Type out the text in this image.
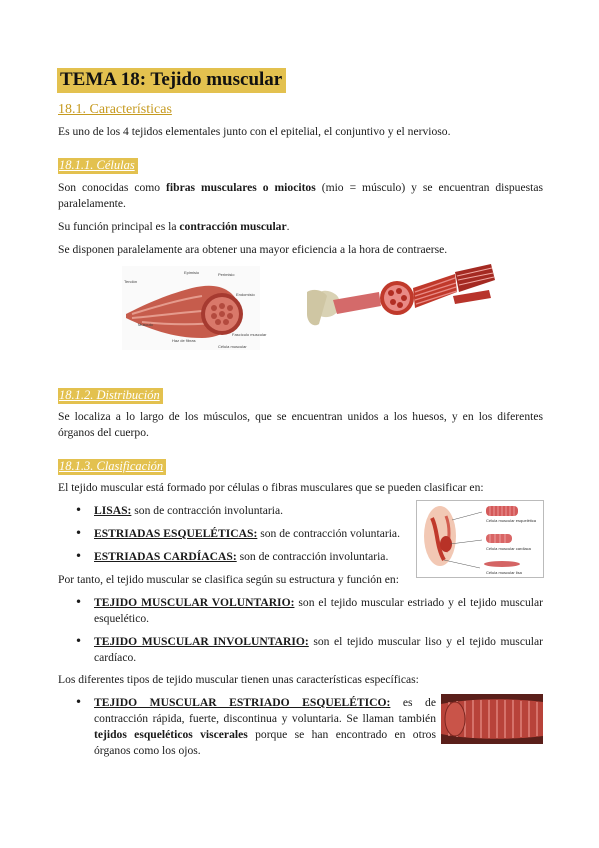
TEMA 18: Tejido muscular
18.1. Características

Es uno de los 4 tejidos elementales junto con el epitelial, el conjuntivo y el nervioso.

18.1.1. Células

Son conocidas como fibras musculares o miocitos (mio = músculo) y se encuentran dispuestas paralelamente.

Su función principal es la contracción muscular.

Se disponen paralelamente ara obtener una mayor eficiencia a la hora de contraerse.

Tendón
Epimisio	Perimisio
Endomisio
Músculo
Haz de fibras
Fascículo muscular
Célula muscular
18.1.2. Distribución

Se localiza a lo largo de los músculos, que se encuentran unidos a los huesos, y en los diferentes órganos del cuerpo.

18.1.3. Clasificación

El tejido muscular está formado por células o fibras musculares que se pueden clasificar en:

• LISAS: son de contracción involuntaria.
• ESTRIADAS ESQUELÉTICAS: son de contracción voluntaria.
• ESTRIADAS CARDÍACAS: son de contracción involuntaria.
Célula muscular esquelética
Célula muscular cardiaca
Célula muscular lisa

Por tanto, el tejido muscular se clasifica según su estructura y función en:

• TEJIDO MUSCULAR VOLUNTARIO: son el tejido muscular estriado y el tejido muscular esquelético.
• TEJIDO MUSCULAR INVOLUNTARIO: son el tejido muscular liso y el tejido muscular cardíaco.

Los diferentes tipos de tejido muscular tienen unas características específicas:

• TEJIDO MUSCULAR ESTRIADO ESQUELÉTICO: es de contracción rápida, fuerte, discontinua y voluntaria. Se llaman también tejidos esqueléticos viscerales porque se han encontrado en otros órganos como los ojos.
